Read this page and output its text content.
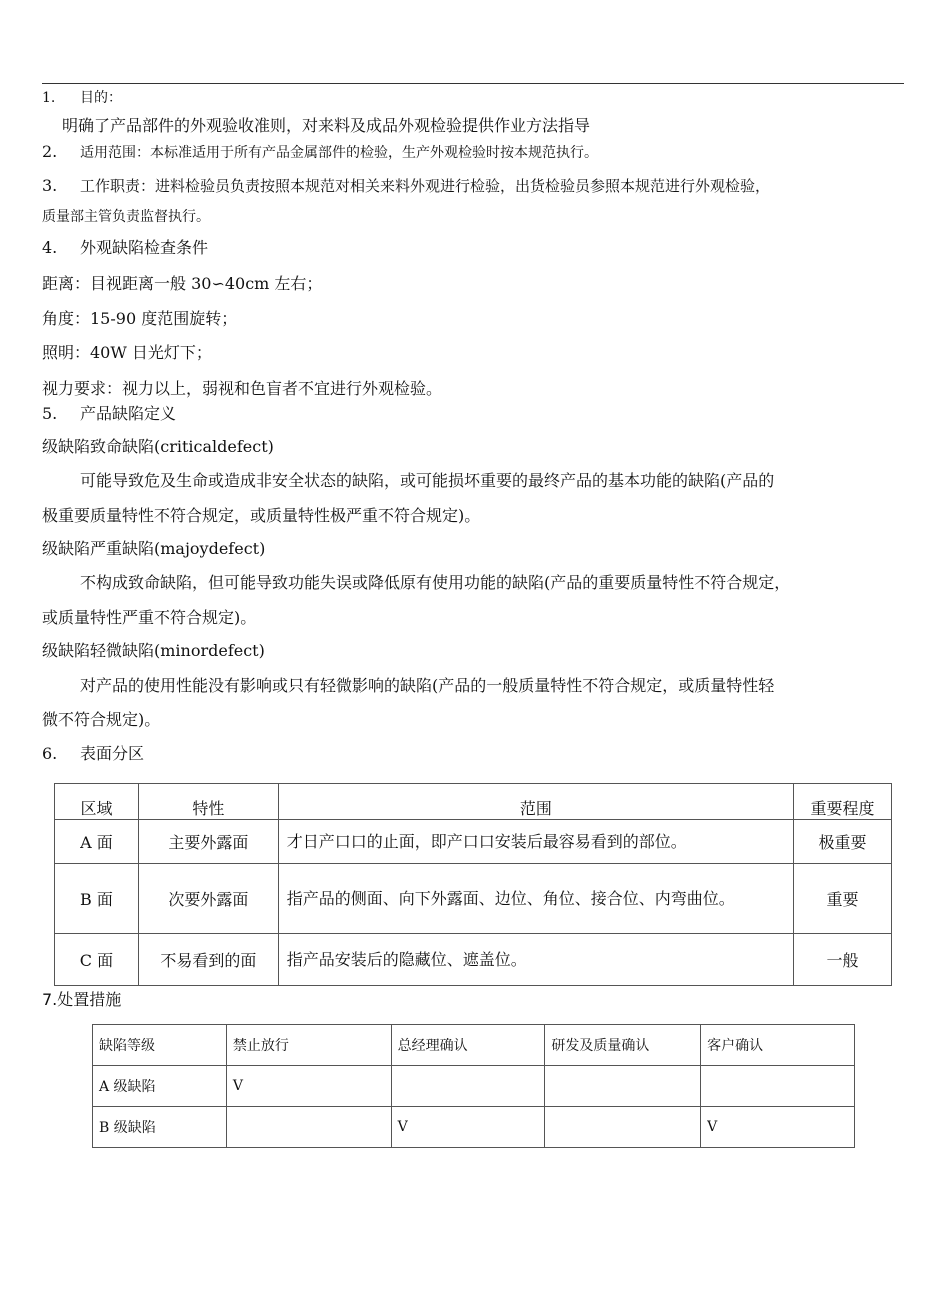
1. 目的：
明确了产品部件的外观验收准则，对来料及成品外观检验提供作业方法指导
2. 适用范围：本标准适用于所有产品金属部件的检验，生产外观检验时按本规范执行。
3. 工作职责：进料检验员负责按照本规范对相关来料外观进行检验，出货检验员参照本规范进行外观检验，
质量部主管负责监督执行。
4. 外观缺陷检查条件
距离：目视距离一般 30∽40cm 左右；
角度：15-90 度范围旋转；
照明：40W 日光灯下；
视力要求：视力以上，弱视和色盲者不宜进行外观检验。
5. 产品缺陷定义
级缺陷致命缺陷(criticaldefect)
可能导致危及生命或造成非安全状态的缺陷，或可能损坏重要的最终产品的基本功能的缺陷(产品的
极重要质量特性不符合规定，或质量特性极严重不符合规定)。
级缺陷严重缺陷(majoydefect)
不构成致命缺陷，但可能导致功能失误或降低原有使用功能的缺陷(产品的重要质量特性不符合规定，
或质量特性严重不符合规定)。
级缺陷轻微缺陷(minordefect)
对产品的使用性能没有影响或只有轻微影响的缺陷(产品的一般质量特性不符合规定，或质量特性轻
微不符合规定)。
6. 表面分区
区域	特性	范围	重要程度
A 面	主要外露面	才日产口口的止面，即产口口安装后最容易看到的部位。	极重要
B 面	次要外露面	指产品的侧面、向下外露面、边位、角位、接合位、内弯曲位。	重要
C 面	不易看到的面	指产品安装后的隐藏位、遮盖位。	一般
7.处置措施
缺陷等级	禁止放行	总经理确认	研发及质量确认	客户确认
A 级缺陷	V			
B 级缺陷		V		V
